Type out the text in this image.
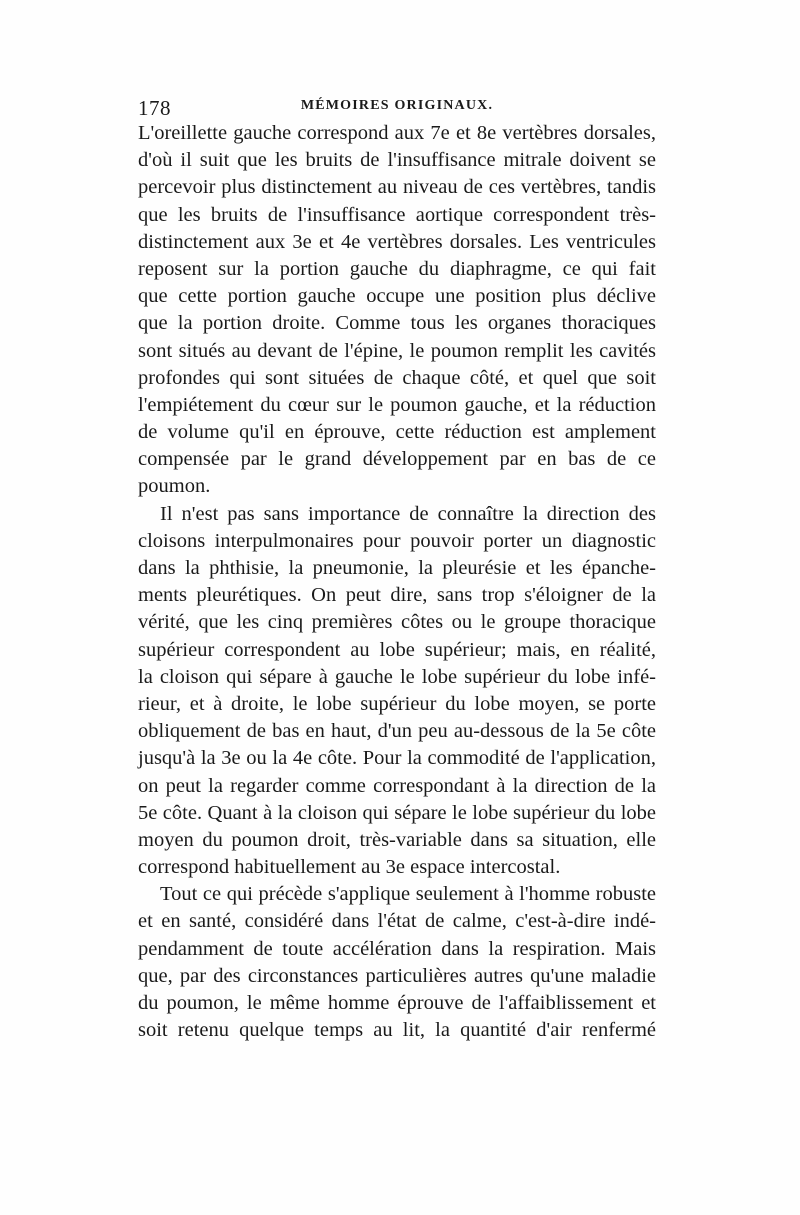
178	MÉMOIRES ORIGINAUX.
L'oreillette gauche correspond aux 7e et 8e vertèbres dorsales,
d'où il suit que les bruits de l'insuffisance mitrale doivent se
percevoir plus distinctement au niveau de ces vertèbres, tandis
que les bruits de l'insuffisance aortique correspondent très-
distinctement aux 3e et 4e vertèbres dorsales. Les ventricules
reposent sur la portion gauche du diaphragme, ce qui fait
que cette portion gauche occupe une position plus déclive
que la portion droite. Comme tous les organes thoraciques
sont situés au devant de l'épine, le poumon remplit les cavités
profondes qui sont situées de chaque côté, et quel que soit
l'empiétement du cœur sur le poumon gauche, et la réduction
de volume qu'il en éprouve, cette réduction est amplement
compensée par le grand développement par en bas de ce
poumon.
Il n'est pas sans importance de connaître la direction des
cloisons interpulmonaires pour pouvoir porter un diagnostic
dans la phthisie, la pneumonie, la pleurésie et les épanche-
ments pleurétiques. On peut dire, sans trop s'éloigner de la
vérité, que les cinq premières côtes ou le groupe thoracique
supérieur correspondent au lobe supérieur; mais, en réalité,
la cloison qui sépare à gauche le lobe supérieur du lobe infé-
rieur, et à droite, le lobe supérieur du lobe moyen, se porte
obliquement de bas en haut, d'un peu au-dessous de la 5e côte
jusqu'à la 3e ou la 4e côte. Pour la commodité de l'application,
on peut la regarder comme correspondant à la direction de la
5e côte. Quant à la cloison qui sépare le lobe supérieur du lobe
moyen du poumon droit, très-variable dans sa situation, elle
correspond habituellement au 3e espace intercostal.
Tout ce qui précède s'applique seulement à l'homme robuste
et en santé, considéré dans l'état de calme, c'est-à-dire indé-
pendamment de toute accélération dans la respiration. Mais
que, par des circonstances particulières autres qu'une maladie
du poumon, le même homme éprouve de l'affaiblissement et
soit retenu quelque temps au lit, la quantité d'air renfermé
